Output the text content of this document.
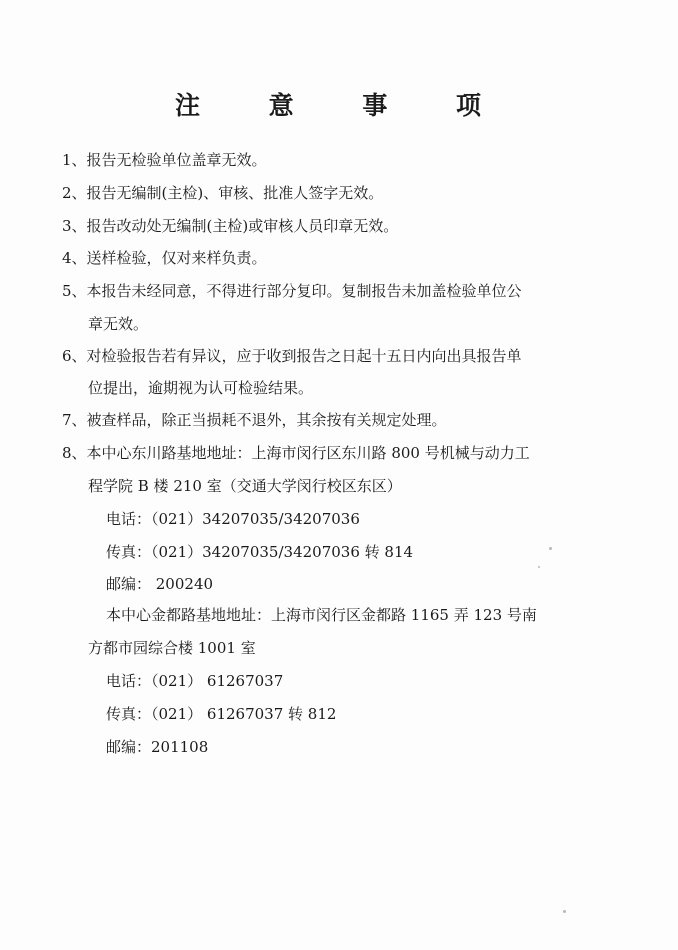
注 意 事 项
1、报告无检验单位盖章无效。
2、报告无编制(主检)、审核、批准人签字无效。
3、报告改动处无编制(主检)或审核人员印章无效。
4、送样检验，仅对来样负责。
5、本报告未经同意，不得进行部分复印。复制报告未加盖检验单位公
章无效。
6、对检验报告若有异议，应于收到报告之日起十五日内向出具报告单
位提出，逾期视为认可检验结果。
7、被查样品，除正当损耗不退外，其余按有关规定处理。
8、本中心东川路基地地址：上海市闵行区东川路 800 号机械与动力工
程学院 B 楼 210 室（交通大学闵行校区东区）
电话：（021）34207035/34207036
传真：（021）34207035/34207036 转 814
邮编： 200240
本中心金都路基地地址：上海市闵行区金都路 1165 弄 123 号南
方都市园综合楼 1001 室
电话：（021） 61267037
传真：（021） 61267037 转 812
邮编：201108
